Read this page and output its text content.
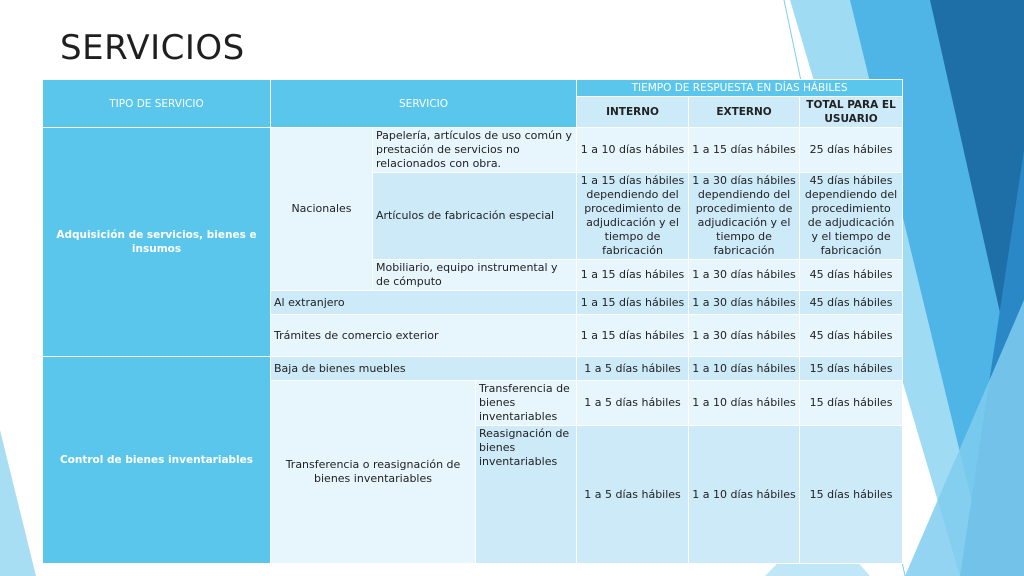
SERVICIOS
TIPO DE SERVICIO	SERVICIO			TIEMPO DE RESPUESTA EN DÍAS HÁBILES		
				INTERNO	EXTERNO	TOTAL PARA EL USUARIO
Adquisición de servicios, bienes e insumos	Nacionales	Papelería, artículos de uso común y prestación de servicios no relacionados con obra.		1 a 10 días hábiles	1 a 15 días hábiles	25 días hábiles
		Artículos de fabricación especial		1 a 15 días hábiles dependiendo del procedimiento de adjudicación y el tiempo de fabricación	1 a 30 días hábiles dependiendo del procedimiento de adjudicación y el tiempo de fabricación	45 días hábiles dependiendo del procedimiento de adjudicación y el tiempo de fabricación
		Mobiliario, equipo instrumental y de cómputo		1 a 15 días hábiles	1 a 30 días hábiles	45 días hábiles
	Al extranjero			1 a 15 días hábiles	1 a 30 días hábiles	45 días hábiles
	Trámites de comercio exterior			1 a 15 días hábiles	1 a 30 días hábiles	45 días hábiles
Control de bienes inventariables	Baja de bienes muebles			1 a 5 días hábiles	1 a 10 días hábiles	15 días hábiles
	Transferencia o reasignación de bienes inventariables		Transferencia de bienes inventariables	1 a 5 días hábiles	1 a 10 días hábiles	15 días hábiles
			Reasignación de bienes inventariables	1 a 5 días hábiles	1 a 10 días hábiles	15 días hábiles
